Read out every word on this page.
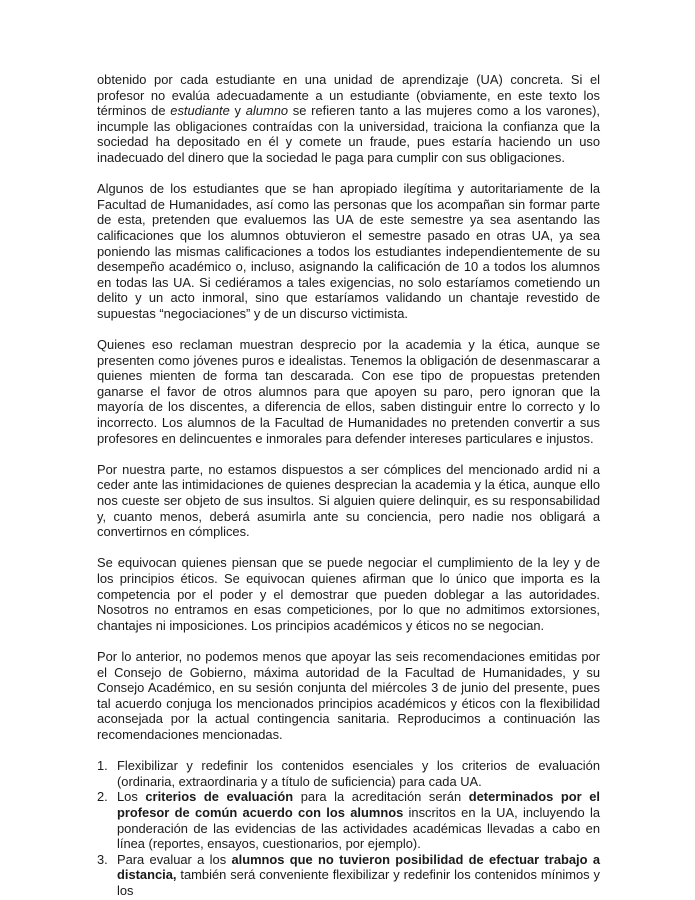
obtenido por cada estudiante en una unidad de aprendizaje (UA) concreta. Si el profesor no evalúa adecuadamente a un estudiante (obviamente, en este texto los términos de estudiante y alumno se refieren tanto a las mujeres como a los varones), incumple las obligaciones contraídas con la universidad, traiciona la confianza que la sociedad ha depositado en él y comete un fraude, pues estaría haciendo un uso inadecuado del dinero que la sociedad le paga para cumplir con sus obligaciones.

Algunos de los estudiantes que se han apropiado ilegítima y autoritariamente de la Facultad de Humanidades, así como las personas que los acompañan sin formar parte de esta, pretenden que evaluemos las UA de este semestre ya sea asentando las calificaciones que los alumnos obtuvieron el semestre pasado en otras UA, ya sea poniendo las mismas calificaciones a todos los estudiantes independientemente de su desempeño académico o, incluso, asignando la calificación de 10 a todos los alumnos en todas las UA. Si cediéramos a tales exigencias, no solo estaríamos cometiendo un delito y un acto inmoral, sino que estaríamos validando un chantaje revestido de supuestas “negociaciones” y de un discurso victimista.

Quienes eso reclaman muestran desprecio por la academia y la ética, aunque se presenten como jóvenes puros e idealistas. Tenemos la obligación de desenmascarar a quienes mienten de forma tan descarada. Con ese tipo de propuestas pretenden ganarse el favor de otros alumnos para que apoyen su paro, pero ignoran que la mayoría de los discentes, a diferencia de ellos, saben distinguir entre lo correcto y lo incorrecto. Los alumnos de la Facultad de Humanidades no pretenden convertir a sus profesores en delincuentes e inmorales para defender intereses particulares e injustos.

Por nuestra parte, no estamos dispuestos a ser cómplices del mencionado ardid ni a ceder ante las intimidaciones de quienes desprecian la academia y la ética, aunque ello nos cueste ser objeto de sus insultos. Si alguien quiere delinquir, es su responsabilidad y, cuanto menos, deberá asumirla ante su conciencia, pero nadie nos obligará a convertirnos en cómplices.

Se equivocan quienes piensan que se puede negociar el cumplimiento de la ley y de los principios éticos. Se equivocan quienes afirman que lo único que importa es la competencia por el poder y el demostrar que pueden doblegar a las autoridades. Nosotros no entramos en esas competiciones, por lo que no admitimos extorsiones, chantajes ni imposiciones. Los principios académicos y éticos no se negocian.

Por lo anterior, no podemos menos que apoyar las seis recomendaciones emitidas por el Consejo de Gobierno, máxima autoridad de la Facultad de Humanidades, y su Consejo Académico, en su sesión conjunta del miércoles 3 de junio del presente, pues tal acuerdo conjuga los mencionados principios académicos y éticos con la flexibilidad aconsejada por la actual contingencia sanitaria. Reproducimos a continuación las recomendaciones mencionadas.

1. Flexibilizar y redefinir los contenidos esenciales y los criterios de evaluación (ordinaria, extraordinaria y a título de suficiencia) para cada UA.
2. Los criterios de evaluación para la acreditación serán determinados por el profesor de común acuerdo con los alumnos inscritos en la UA, incluyendo la ponderación de las evidencias de las actividades académicas llevadas a cabo en línea (reportes, ensayos, cuestionarios, por ejemplo).
3. Para evaluar a los alumnos que no tuvieron posibilidad de efectuar trabajo a distancia, también será conveniente flexibilizar y redefinir los contenidos mínimos y los
